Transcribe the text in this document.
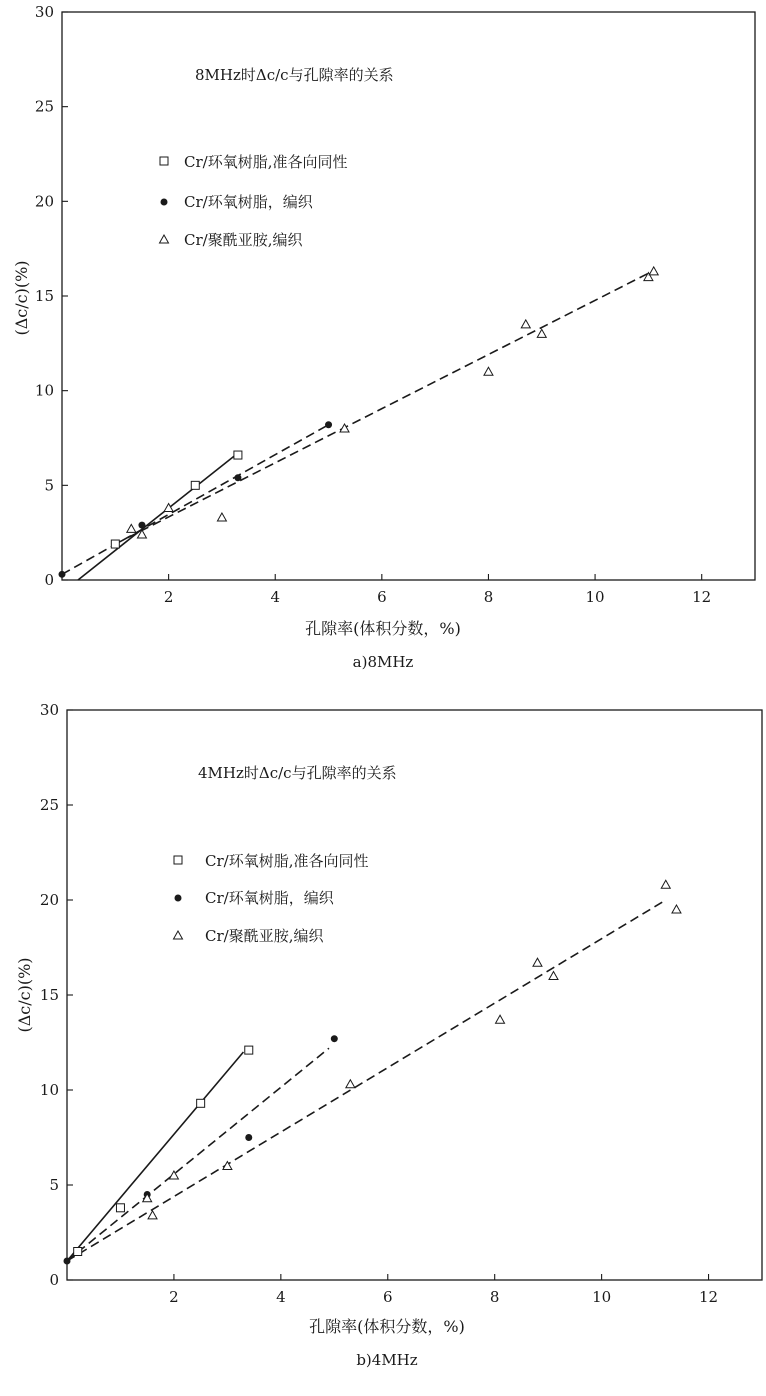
8MHz时Δc/c与孔隙率的关系
Cr/环氧树脂,准各向同性
Cr/环氧树脂，编织
Cr/聚酰亚胺,编织
(Δc/c)(%)
孔隙率(体积分数，%)
a)8MHz
5
10
15
20
25
30
0
2	4	6	8	10	12
4MHz时Δc/c与孔隙率的关系
Cr/环氧树脂,准各向同性
Cr/环氧树脂，编织
Cr/聚酰亚胺,编织
(Δc/c)(%)
孔隙率(体积分数，%)
b)4MHz
5
10
15
20
25
30
0
2	4	6	8	10	12
